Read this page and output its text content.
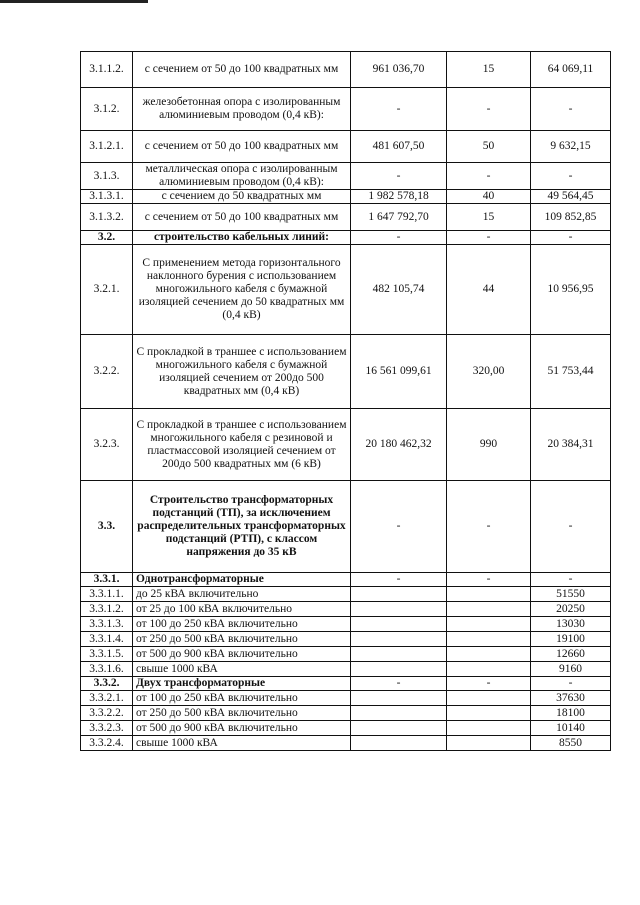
3.1.1.2.	с сечением от 50 до 100 квадратных мм	961 036,70	15	64 069,11
3.1.2.	железобетонная опора с изолированным алюминиевым проводом (0,4 кВ):	-	-	-
3.1.2.1.	с сечением от 50 до 100 квадратных мм	481 607,50	50	9 632,15
3.1.3.	металлическая опора с изолированным алюминиевым проводом (0,4 кВ):	-	-	-
3.1.3.1.	с сечением до 50 квадратных мм	1 982 578,18	40	49 564,45
3.1.3.2.	с сечением от 50 до 100 квадратных мм	1 647 792,70	15	109 852,85
3.2.	строительство кабельных линий:	-	-	-
3.2.1.	С применением метода горизонтального наклонного бурения с использованием многожильного кабеля с бумажной изоляцией сечением до 50 квадратных мм (0,4 кВ)	482 105,74	44	10 956,95
3.2.2.	С прокладкой в траншее с использованием многожильного кабеля с бумажной изоляцией сечением от 200до 500 квадратных мм (0,4 кВ)	16 561 099,61	320,00	51 753,44
3.2.3.	С прокладкой в траншее с использованием многожильного кабеля с резиновой и пластмассовой изоляцией сечением от 200до 500 квадратных мм (6 кВ)	20 180 462,32	990	20 384,31
3.3.	Строительство трансформаторных подстанций (ТП), за исключением распределительных трансформаторных подстанций (РТП), с классом напряжения до 35 кВ	-	-	-
3.3.1.	Однотрансформаторные	-	-	-
3.3.1.1.	до 25 кВА включительно			51550
3.3.1.2.	от 25 до 100 кВА включительно			20250
3.3.1.3.	от 100 до 250 кВА включительно			13030
3.3.1.4.	от 250 до 500 кВА включительно			19100
3.3.1.5.	от 500 до 900 кВА включительно			12660
3.3.1.6.	свыше 1000 кВА			9160
3.3.2.	Двух трансформаторные	-	-	-
3.3.2.1.	от 100 до 250 кВА включительно			37630
3.3.2.2.	от 250 до 500 кВА включительно			18100
3.3.2.3.	от 500 до 900 кВА включительно			10140
3.3.2.4.	свыше 1000 кВА			8550
